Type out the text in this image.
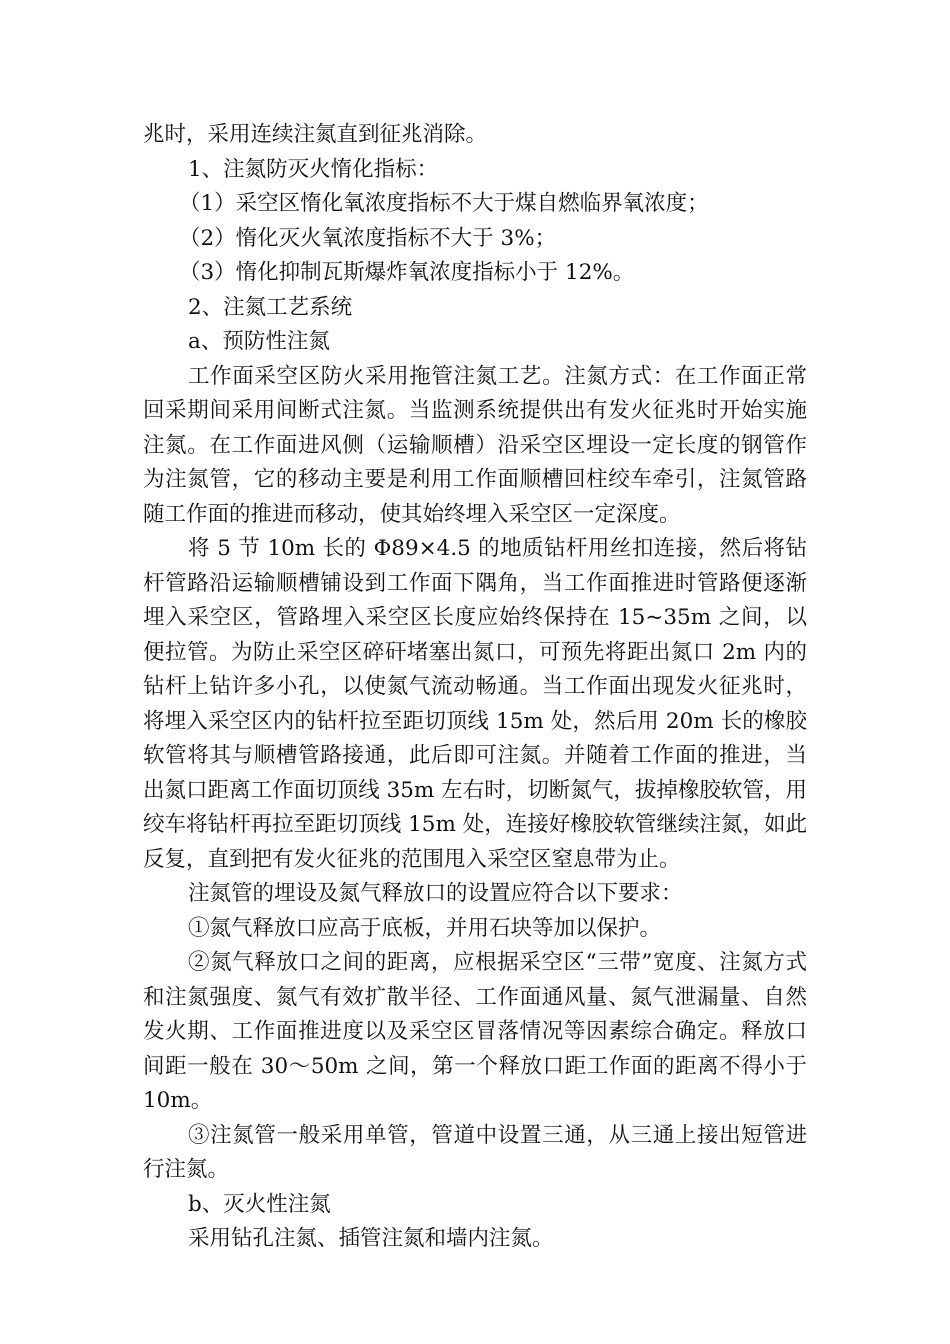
兆时，采用连续注氮直到征兆消除。

1、注氮防灭火惰化指标：

（1）采空区惰化氧浓度指标不大于煤自燃临界氧浓度；

（2）惰化灭火氧浓度指标不大于 3%；

（3）惰化抑制瓦斯爆炸氧浓度指标小于 12%。

2、注氮工艺系统

a、预防性注氮

工作面采空区防火采用拖管注氮工艺。注氮方式：在工作面正常回采期间采用间断式注氮。当监测系统提供出有发火征兆时开始实施注氮。在工作面进风侧（运输顺槽）沿采空区埋设一定长度的钢管作为注氮管，它的移动主要是利用工作面顺槽回柱绞车牵引，注氮管路随工作面的推进而移动，使其始终埋入采空区一定深度。

将 5 节 10m 长的 Φ89×4.5 的地质钻杆用丝扣连接，然后将钻杆管路沿运输顺槽铺设到工作面下隅角，当工作面推进时管路便逐渐埋入采空区，管路埋入采空区长度应始终保持在 15~35m 之间，以便拉管。为防止采空区碎矸堵塞出氮口，可预先将距出氮口 2m 内的钻杆上钻许多小孔，以使氮气流动畅通。当工作面出现发火征兆时，将埋入采空区内的钻杆拉至距切顶线 15m 处，然后用 20m 长的橡胶软管将其与顺槽管路接通，此后即可注氮。并随着工作面的推进，当出氮口距离工作面切顶线 35m 左右时，切断氮气，拔掉橡胶软管，用绞车将钻杆再拉至距切顶线 15m 处，连接好橡胶软管继续注氮，如此反复，直到把有发火征兆的范围甩入采空区窒息带为止。

注氮管的埋设及氮气释放口的设置应符合以下要求：

①氮气释放口应高于底板，并用石块等加以保护。

②氮气释放口之间的距离，应根据采空区“三带”宽度、注氮方式和注氮强度、氮气有效扩散半径、工作面通风量、氮气泄漏量、自然发火期、工作面推进度以及采空区冒落情况等因素综合确定。释放口间距一般在 30～50m 之间，第一个释放口距工作面的距离不得小于 10m。

③注氮管一般采用单管，管道中设置三通，从三通上接出短管进行注氮。

b、灭火性注氮

采用钻孔注氮、插管注氮和墙内注氮。
